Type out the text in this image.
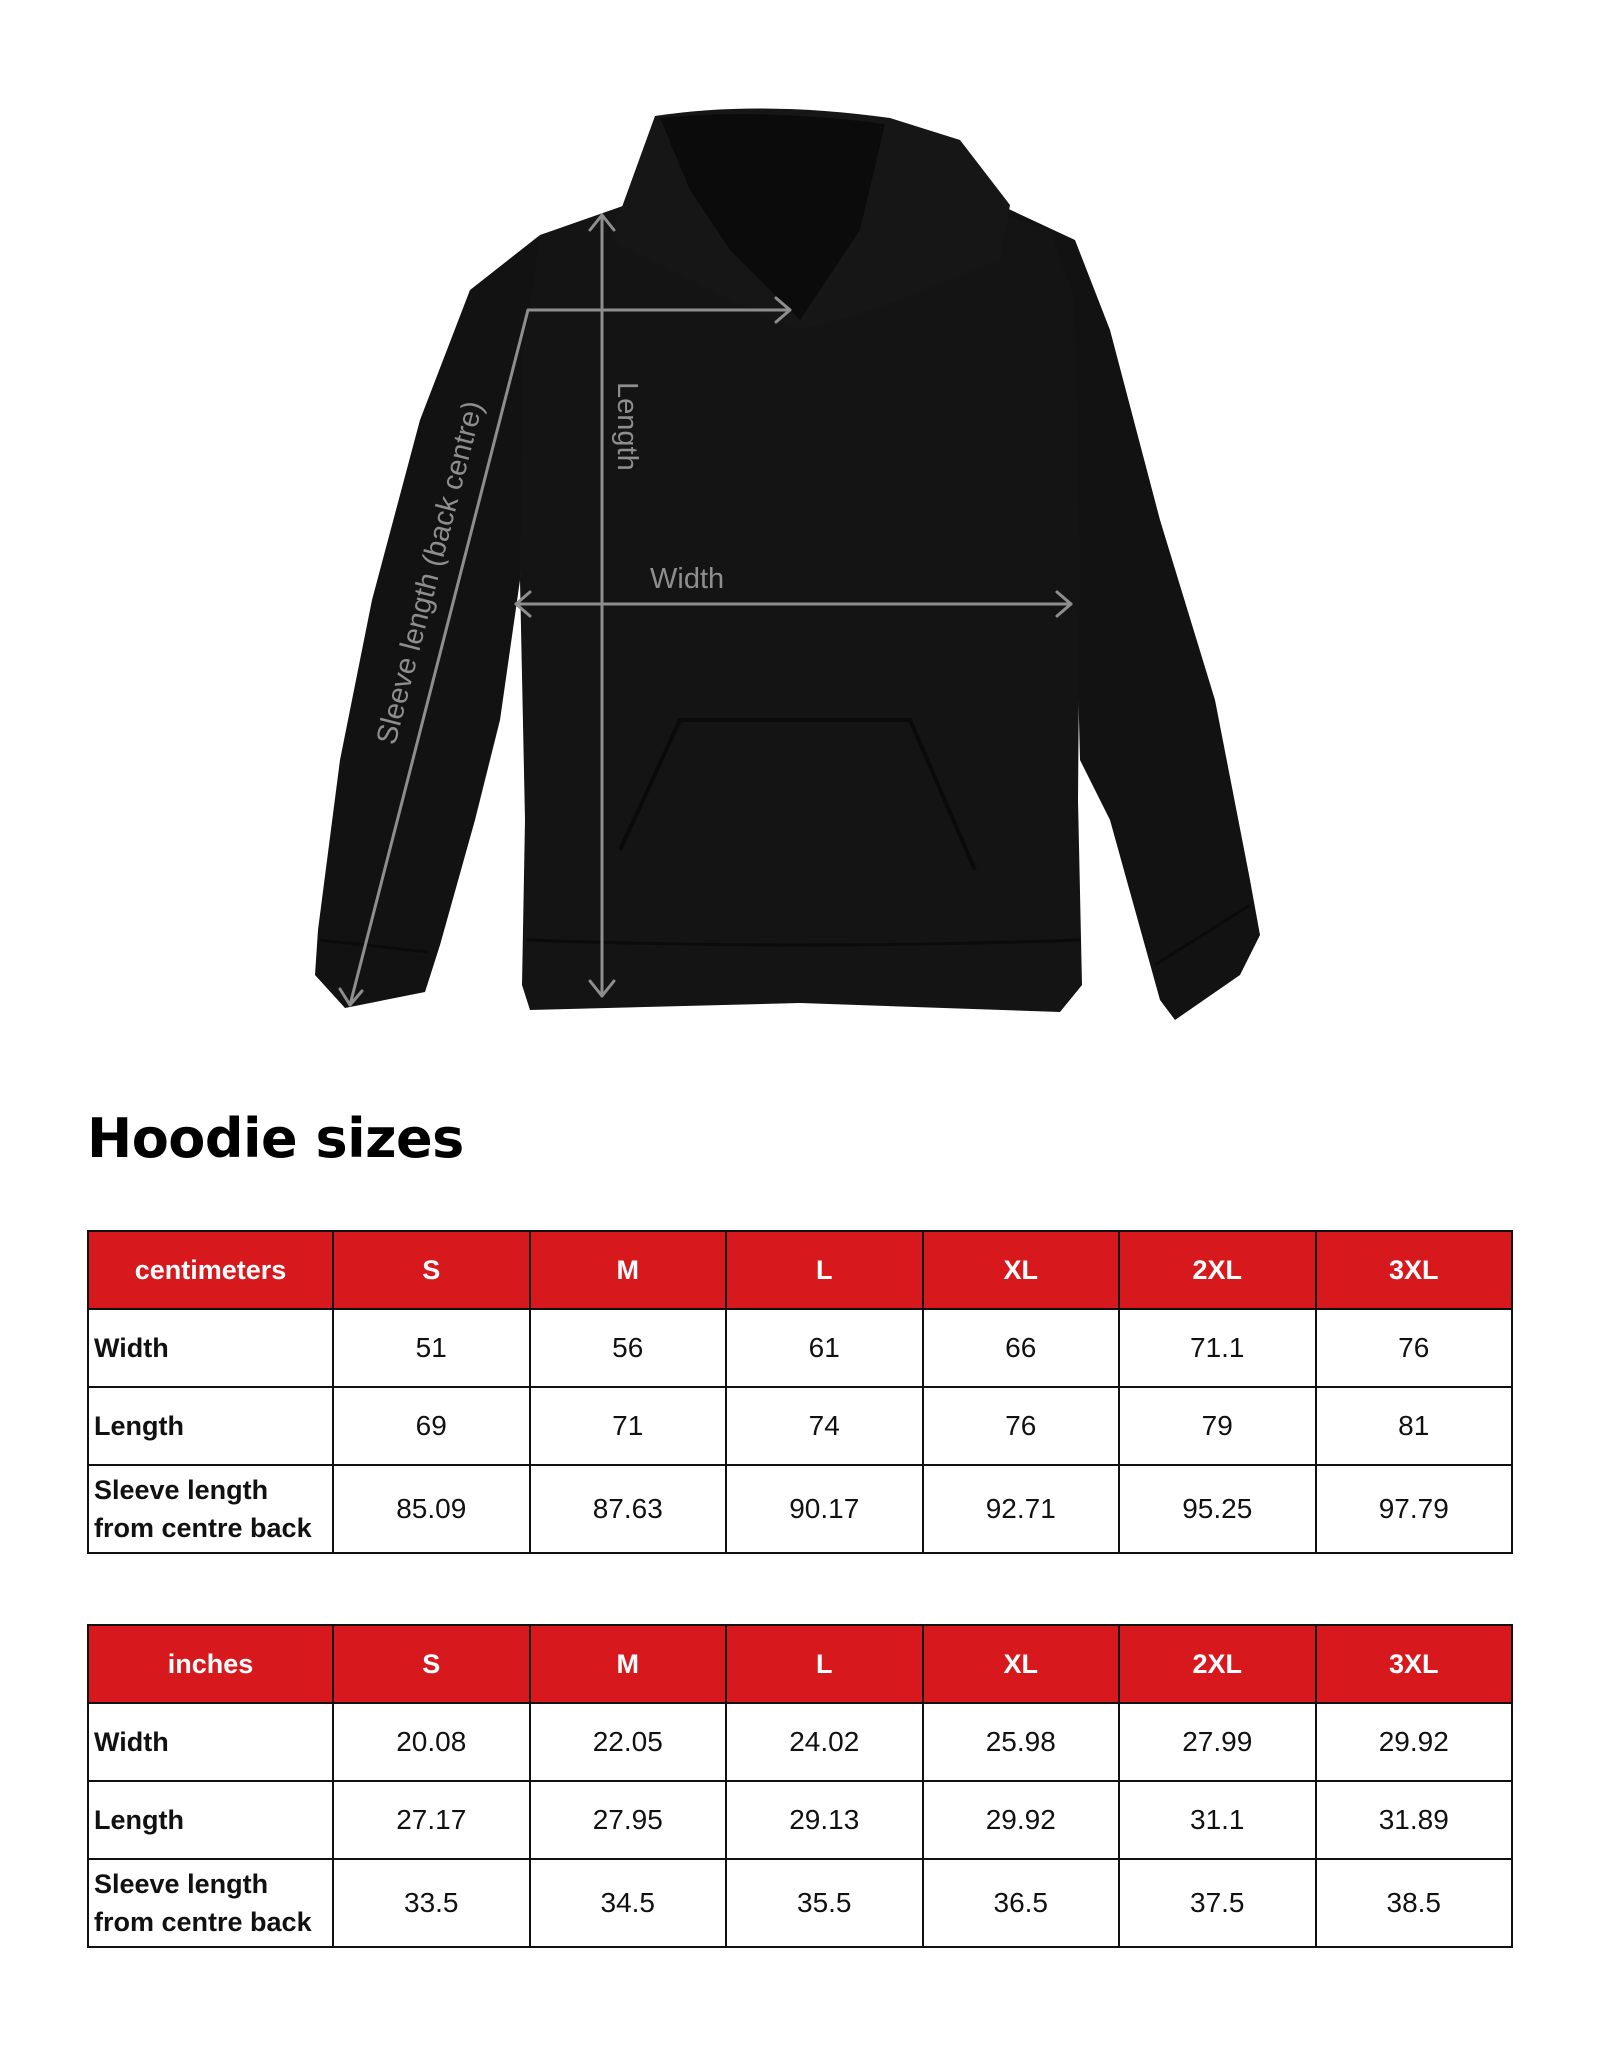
Length
Width
Sleeve length (back centre)
Hoodie sizes
centimeters	S	M	L	XL	2XL	3XL

Width	51	56	61	66	71.1	76

Length	69	71	74	76	79	81

Sleeve length
from centre back	85.09	87.63	90.17	92.71	95.25	97.79
inches	S	M	L	XL	2XL	3XL

Width	20.08	22.05	24.02	25.98	27.99	29.92

Length	27.17	27.95	29.13	29.92	31.1	31.89

Sleeve length
from centre back	33.5	34.5	35.5	36.5	37.5	38.5
